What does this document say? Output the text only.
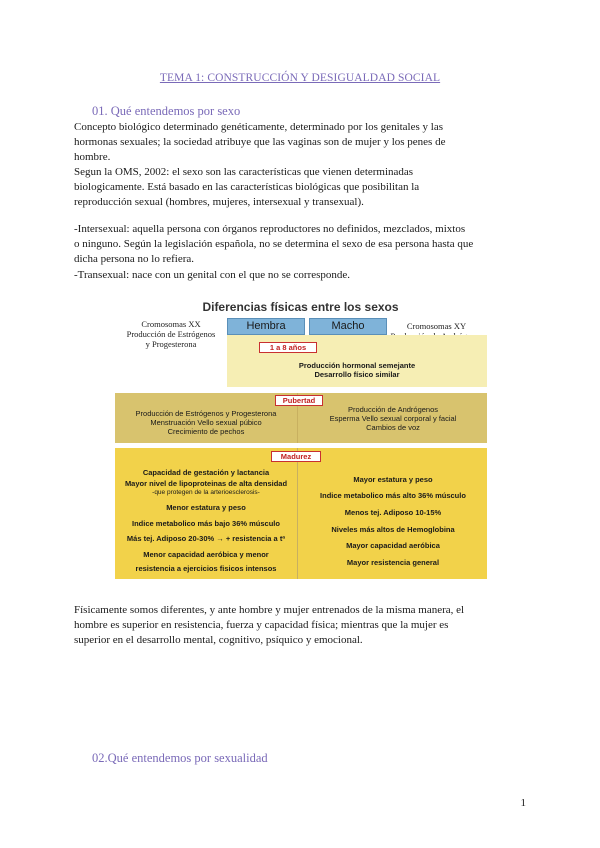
TEMA 1: CONSTRUCCIÓN Y DESIGUALDAD SOCIAL
01. Qué entendemos por sexo

Concepto biológico determinado genéticamente, determinado por los genitales y las
hormonas sexuales; la sociedad atribuye que las vaginas son de mujer y los penes de
hombre.

Segun la OMS, 2002: el sexo son las características que vienen determinadas
biologicamente. Está basado en las características biológicas que posibilitan la
reproducción sexual (hombres, mujeres, intersexual y transexual).

-Intersexual: aquella persona con órganos reproductores no definidos, mezclados, mixtos
o ninguno. Según la legislación española, no se determina el sexo de esa persona hasta que
dicha persona no lo refiera.
-Transexual: nace con un genital con el que no se corresponde.

Diferencias físicas entre los sexos
Cromosomas XX
Producción de Estrógenos
y Progesterona
Hembra	Macho	Cromosomas XY
1 a 8 años
Producción hormonal semejante
Desarrollo físico similar
Pubertad
Producción de Estrógenos y Progesterona
Menstruación Vello sexual púbico
Crecimiento de pechos
Producción de Andrógenos
Esperma Vello sexual corporal y facial
Cambios de voz
Madurez
Capacidad de gestación y lactancia
Mayor nivel de lipoproteinas de alta densidad
-que protegen de la arterioesclerosis-
Menor estatura y peso
Indice metabolico más bajo 36% músculo
Más tej. Adiposo 20-30% → + resistencia a tª
Menor capacidad aeróbica y menor
resistencia a ejercicios fisicos intensos
Mayor estatura y peso
Indice metabolico más alto 36% músculo
Menos tej. Adiposo 10-15%
Niveles más altos de Hemoglobina
Mayor capacidad aeróbica
Mayor resistencia general

Físicamente somos diferentes, y ante hombre y mujer entrenados de la misma manera, el
hombre es superior en resistencia, fuerza y capacidad física; mientras que la mujer es
superior en el desarrollo mental, cognitivo, psíquico y emocional.

02.Qué entendemos por sexualidad
1
